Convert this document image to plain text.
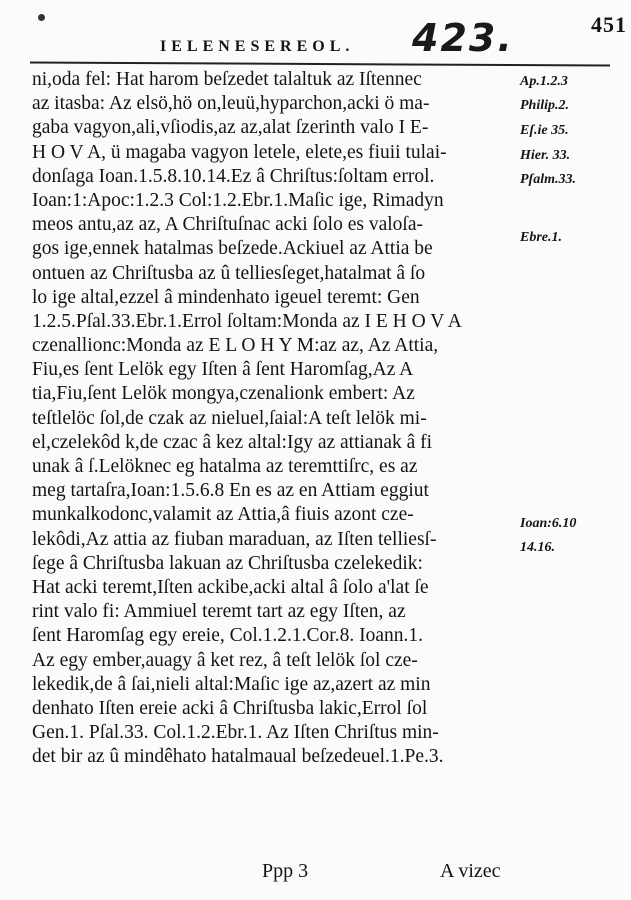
451
IELENESEREOL. 423.
ni,oda fel: Hat harom beſzedet talaltuk az Iſtennec
az itasba: Az elsö,hö on,leuü,hyparchon,acki ö ma-
gaba vagyon,ali,vſiodis,az az,alat ſzerinth valo I E-
H O V A, ü magaba vagyon letele, elete,es fiuii tulai-
donſaga Ioan.1.5.8.10.14.Ez â Chriſtus:ſoltam errol.
Ioan:1:Apoc:1.2.3 Col:1.2.Ebr.1.Maſic ige, Rimadyn
meos antu,az az, A Chriſtuſnac acki ſolo es valoſa-
gos ige,ennek hatalmas beſzede.Ackiuel az Attia be
ontuen az Chriſtusba az û telliesſeget,hatalmat â ſo
lo ige altal,ezzel â mindenhato igeuel teremt: Gen
1.2.5.Pſal.33.Ebr.1.Errol ſoltam:Monda az I E H O V A
czenallionc:Monda az E L O H Y M:az az, Az Attia,
Fiu,es ſent Lelök egy Iſten â ſent Haromſag,Az A
tia,Fiu,ſent Lelök mongya,czenalionk embert: Az
teſtlelöc ſol,de czak az nieluel,ſaial:A teſt lelök mi-
el,czelekôd k,de czac â kez altal:Igy az attianak â fi
unak â ſ.Lelöknec eg hatalma az teremttiſrc, es az
meg tartaſra,Ioan:1.5.6.8 En es az en Attiam eggiut
munkalkodonc,valamit az Attia,â fiuis azont cze-
lekôdi,Az attia az fiuban maraduan, az Iſten telliesſ-
ſege â Chriſtusba lakuan az Chriſtusba czelekedik:
Hat acki teremt,Iſten ackibe,acki altal â ſolo a'lat ſe
rint valo fi: Ammiuel teremt tart az egy Iſten, az
ſent Haromſag egy ereie, Col.1.2.1.Cor.8. Ioann.1.
Az egy ember,auagy â ket rez, â teſt lelök ſol cze-
lekedik,de â ſai,nieli altal:Maſic ige az,azert az min
denhato Iſten ereie acki â Chriſtusba lakic,Errol ſol
Gen.1. Pſal.33. Col.1.2.Ebr.1. Az Iſten Chriſtus min-
det bir az û mindêhato hatalmaual beſzedeuel.1.Pe.3.
Ap.1.2.3
Philip.2.
Eſ.ie 35.
Hier. 33.
Pſalm.33.
Ebre.1.
Ioan:6.10
14.16.
Ppp 3	A vizec
